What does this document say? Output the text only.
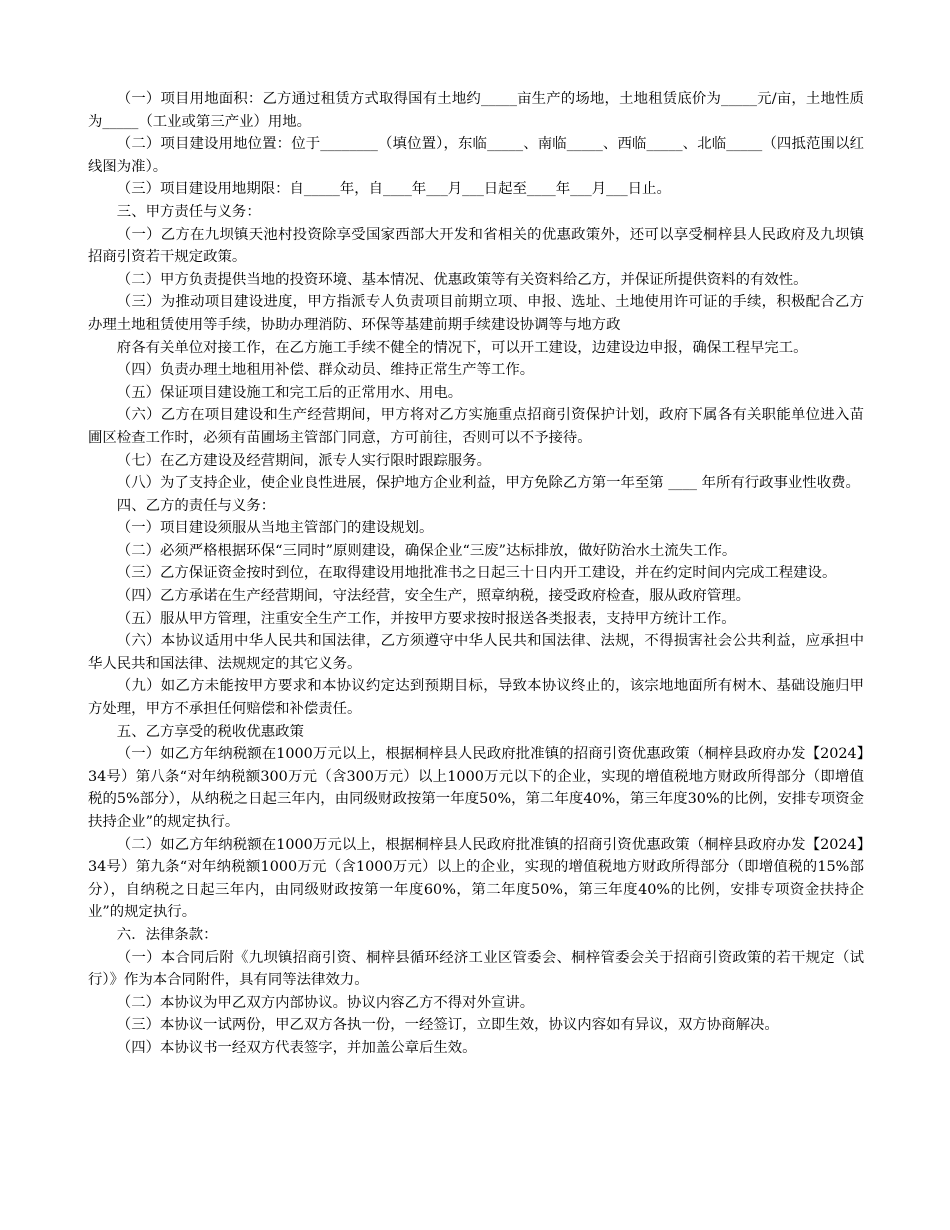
（一）项目用地面积：乙方通过租赁方式取得国有土地约_____亩生产的场地，土地租赁底价为_____元/亩，土地性质为_____（工业或第三产业）用地。

（二）项目建设用地位置：位于________（填位置），东临_____、南临_____、西临_____、北临_____（四抵范围以红线图为准）。

（三）项目建设用地期限：自_____年，自____年___月___日起至____年___月___日止。

三、甲方责任与义务：

（一）乙方在九坝镇天池村投资除享受国家西部大开发和省相关的优惠政策外，还可以享受桐梓县人民政府及九坝镇招商引资若干规定政策。

（二）甲方负责提供当地的投资环境、基本情况、优惠政策等有关资料给乙方，并保证所提供资料的有效性。

（三）为推动项目建设进度，甲方指派专人负责项目前期立项、申报、选址、土地使用许可证的手续，积极配合乙方办理土地租赁使用等手续，协助办理消防、环保等基建前期手续建设协调等与地方政

府各有关单位对接工作，在乙方施工手续不健全的情况下，可以开工建设，边建设边申报，确保工程早完工。

（四）负责办理土地租用补偿、群众动员、维持正常生产等工作。

（五）保证项目建设施工和完工后的正常用水、用电。

（六）乙方在项目建设和生产经营期间，甲方将对乙方实施重点招商引资保护计划，政府下属各有关职能单位进入苗圃区检查工作时，必须有苗圃场主管部门同意，方可前往，否则可以不予接待。

（七）在乙方建设及经营期间，派专人实行限时跟踪服务。

（八）为了支持企业，使企业良性进展，保护地方企业利益，甲方免除乙方第一年至第 ____ 年所有行政事业性收费。

四、乙方的责任与义务：

（一）项目建设须服从当地主管部门的建设规划。

（二）必须严格根据环保“三同时”原则建设，确保企业“三废”达标排放，做好防治水土流失工作。

（三）乙方保证资金按时到位，在取得建设用地批准书之日起三十日内开工建设，并在约定时间内完成工程建设。

（四）乙方承诺在生产经营期间，守法经营，安全生产，照章纳税，接受政府检查，服从政府管理。

（五）服从甲方管理，注重安全生产工作，并按甲方要求按时报送各类报表，支持甲方统计工作。

（六）本协议适用中华人民共和国法律，乙方须遵守中华人民共和国法律、法规，不得损害社会公共利益，应承担中华人民共和国法律、法规规定的其它义务。

（九）如乙方未能按甲方要求和本协议约定达到预期目标，导致本协议终止的，该宗地地面所有树木、基础设施归甲方处理，甲方不承担任何赔偿和补偿责任。

五、乙方享受的税收优惠政策

（一）如乙方年纳税额在1000万元以上，根据桐梓县人民政府批准镇的招商引资优惠政策（桐梓县政府办发【2024】34号）第八条“对年纳税额300万元（含300万元）以上1000万元以下的企业，实现的增值税地方财政所得部分（即增值税的5%部分），从纳税之日起三年内，由同级财政按第一年度50%，第二年度40%，第三年度30%的比例，安排专项资金扶持企业”的规定执行。

（二）如乙方年纳税额在1000万元以上，根据桐梓县人民政府批准镇的招商引资优惠政策（桐梓县政府办发【2024】34号）第九条“对年纳税额1000万元（含1000万元）以上的企业，实现的增值税地方财政所得部分（即增值税的15%部分），自纳税之日起三年内，由同级财政按第一年度60%，第二年度50%，第三年度40%的比例，安排专项资金扶持企业”的规定执行。

六．法律条款：

（一）本合同后附《九坝镇招商引资、桐梓县循环经济工业区管委会、桐梓管委会关于招商引资政策的若干规定（试行）》作为本合同附件，具有同等法律效力。

（二）本协议为甲乙双方内部协议。协议内容乙方不得对外宣讲。

（三）本协议一试两份，甲乙双方各执一份，一经签订，立即生效，协议内容如有异议，双方协商解决。

（四）本协议书一经双方代表签字，并加盖公章后生效。
